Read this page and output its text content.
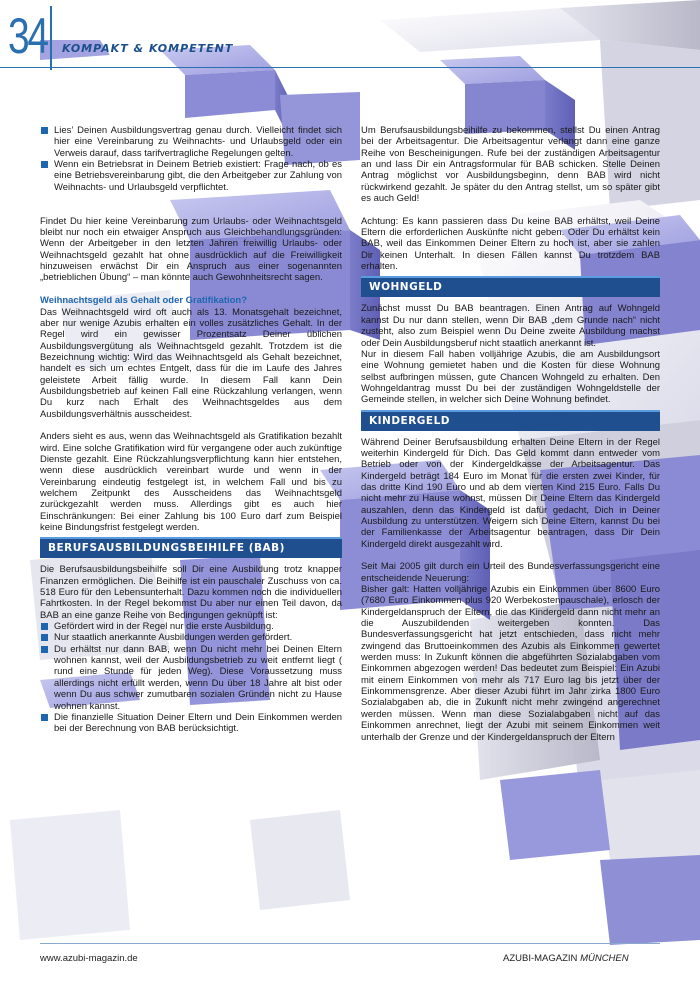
34 KOMPAKT & KOMPETENT

Lies’ Deinen Ausbildungsvertrag genau durch. Vielleicht findet sich hier eine Vereinbarung zu Weihnachts- und Urlaubsgeld oder ein Verweis darauf, dass tarifvertragliche Regelungen gelten.

Wenn ein Betriebsrat in Deinem Betrieb existiert: Frage nach, ob es eine Betriebsvereinbarung gibt, die den Arbeitgeber zur Zahlung von Weihnachts- und Urlaubsgeld verpflichtet.

Findet Du hier keine Vereinbarung zum Urlaubs- oder Weihnachtsgeld bleibt nur noch ein etwaiger Anspruch aus Gleichbehandlungsgründen: Wenn der Arbeitgeber in den letzten Jahren freiwillig Urlaubs- oder Weihnachtsgeld gezahlt hat ohne ausdrücklich auf die Freiwilligkeit hinzuweisen erwächst Dir ein Anspruch aus einer sogenannten „betrieblichen Übung“ – man könnte auch Gewohnheitsrecht sagen.

Weihnachtsgeld als Gehalt oder Gratifikation?

Das Weihnachtsgeld wird oft auch als 13. Monatsgehalt bezeichnet, aber nur wenige Azubis erhalten ein volles zusätzliches Gehalt. In der Regel wird ein gewisser Prozentsatz Deiner üblichen Ausbildungsvergütung als Weihnachtsgeld gezahlt. Trotzdem ist die Bezeichnung wichtig: Wird das Weihnachtsgeld als Gehalt bezeichnet, handelt es sich um echtes Entgelt, dass für die im Laufe des Jahres geleistete Arbeit fällig wurde. In diesem Fall kann Dein Ausbildungsbetrieb auf keinen Fall eine Rückzahlung verlangen, wenn Du kurz nach Erhalt des Weihnachtsgeldes aus dem Ausbildungsverhältnis ausscheidest.

Anders sieht es aus, wenn das Weihnachtsgeld als Gratifikation bezahlt wird. Eine solche Gratifikation wird für vergangene oder auch zukünftige Dienste gezahlt. Eine Rückzahlungsverpflichtung kann hier entstehen, wenn diese ausdrücklich vereinbart wurde und wenn in der Vereinbarung eindeutig festgelegt ist, in welchem Fall und bis zu welchem Zeitpunkt des Ausscheidens das Weihnachtsgeld zurückgezahlt werden muss. Allerdings gibt es auch hier Einschränkungen: Bei einer Zahlung bis 100 Euro darf zum Beispiel keine Bindungsfrist festgelegt werden.

BERUFSAUSBILDUNGSBEIHILFE (BAB)

Die Berufsausbildungsbeihilfe soll Dir eine Ausbildung trotz knapper Finanzen ermöglichen. Die Beihilfe ist ein pauschaler Zuschuss von ca. 518 Euro für den Lebensunterhalt. Dazu kommen noch die individuellen Fahrtkosten. In der Regel bekommst Du aber nur einen Teil davon, da BAB an eine ganze Reihe von Bedingungen geknüpft ist:

Gefördert wird in der Regel nur die erste Ausbildung.

Nur staatlich anerkannte Ausbildungen werden gefördert.

Du erhältst nur dann BAB, wenn Du nicht mehr bei Deinen Eltern wohnen kannst, weil der Ausbildungsbetrieb zu weit entfernt liegt ( rund eine Stunde für jeden Weg). Diese Voraussetzung muss allerdings nicht erfüllt werden, wenn Du über 18 Jahre alt bist oder wenn Du aus schwer zumutbaren sozialen Gründen nicht zu Hause wohnen kannst.

Die finanzielle Situation Deiner Eltern und Dein Einkommen werden bei der Berechnung von BAB berücksichtigt.

Um Berufsausbildungsbeihilfe zu bekommen, stellst Du einen Antrag bei der Arbeitsagentur. Die Arbeitsagentur verlangt dann eine ganze Reihe von Bescheinigungen. Rufe bei der zuständigen Arbeitsagentur an und lass Dir ein Antragsformular für BAB schicken. Stelle Deinen Antrag möglichst vor Ausbildungsbeginn, denn BAB wird nicht rückwirkend gezahlt. Je später du den Antrag stellst, um so später gibt es auch Geld!

Achtung: Es kann passieren dass Du keine BAB erhältst, weil Deine Eltern die erforderlichen Auskünfte nicht geben. Oder Du erhältst kein BAB, weil das Einkommen Deiner Eltern zu hoch ist, aber sie zahlen Dir keinen Unterhalt. In diesen Fällen kannst Du trotzdem BAB erhalten.

WOHNGELD

Zunächst musst Du BAB beantragen. Einen Antrag auf Wohngeld kannst Du nur dann stellen, wenn Dir BAB „dem Grunde nach“ nicht zusteht, also zum Beispiel wenn Du Deine zweite Ausbildung machst oder Dein Ausbildungsberuf nicht staatlich anerkannt ist.

Nur in diesem Fall haben volljährige Azubis, die am Ausbildungsort eine Wohnung gemietet haben und die Kosten für diese Wohnung selbst aufbringen müssen, gute Chancen Wohngeld zu erhalten. Den Wohngeldantrag musst Du bei der zuständigen Wohngeldstelle der Gemeinde stellen, in welcher sich Deine Wohnung befindet.

KINDERGELD

Während Deiner Berufsausbildung erhalten Deine Eltern in der Regel weiterhin Kindergeld für Dich. Das Geld kommt dann entweder vom Betrieb oder von der Kindergeldkasse der Arbeitsagentur. Das Kindergeld beträgt 184 Euro im Monat für die ersten zwei Kinder, für das dritte Kind 190 Euro und ab dem vierten Kind 215 Euro. Falls Du nicht mehr zu Hause wohnst, müssen Dir Deine Eltern das Kindergeld auszahlen, denn das Kindergeld ist dafür gedacht, Dich in Deiner Ausbildung zu unterstützen. Weigern sich Deine Eltern, kannst Du bei der Familienkasse der Arbeitsagentur beantragen, dass Dir Dein Kindergeld direkt ausgezahlt wird.

Seit Mai 2005 gilt durch ein Urteil des Bundesverfassungsgericht eine entscheidende Neuerung:

Bisher galt: Hatten volljährige Azubis ein Einkommen über 8600 Euro (7680 Euro Einkommen plus 920 Werbekostenpauschale), erlosch der Kindergeldanspruch der Eltern, die das Kindergeld dann nicht mehr an die Auszubildenden weitergeben konnten. Das Bundesverfassungsgericht hat jetzt entschieden, dass nicht mehr zwingend das Bruttoeinkommen des Azubis als Einkommen gewertet werden muss: In Zukunft können die abgeführten Sozialabgaben vom Einkommen abgezogen werden! Das bedeutet zum Beispiel: Ein Azubi mit einem Einkommen von mehr als 717 Euro lag bis jetzt über der Einkommensgrenze. Aber dieser Azubi führt im Jahr zirka 1800 Euro Sozialabgaben ab, die in Zukunft nicht mehr zwingend angerechnet werden müssen. Wenn man diese Sozialabgaben nicht auf das Einkommen anrechnet, liegt der Azubi mit seinem Einkommen weit unterhalb der Grenze und der Kindergeldanspruch der Eltern

www.azubi-magazin.de	AZUBI-MAGAZIN MÜNCHEN
